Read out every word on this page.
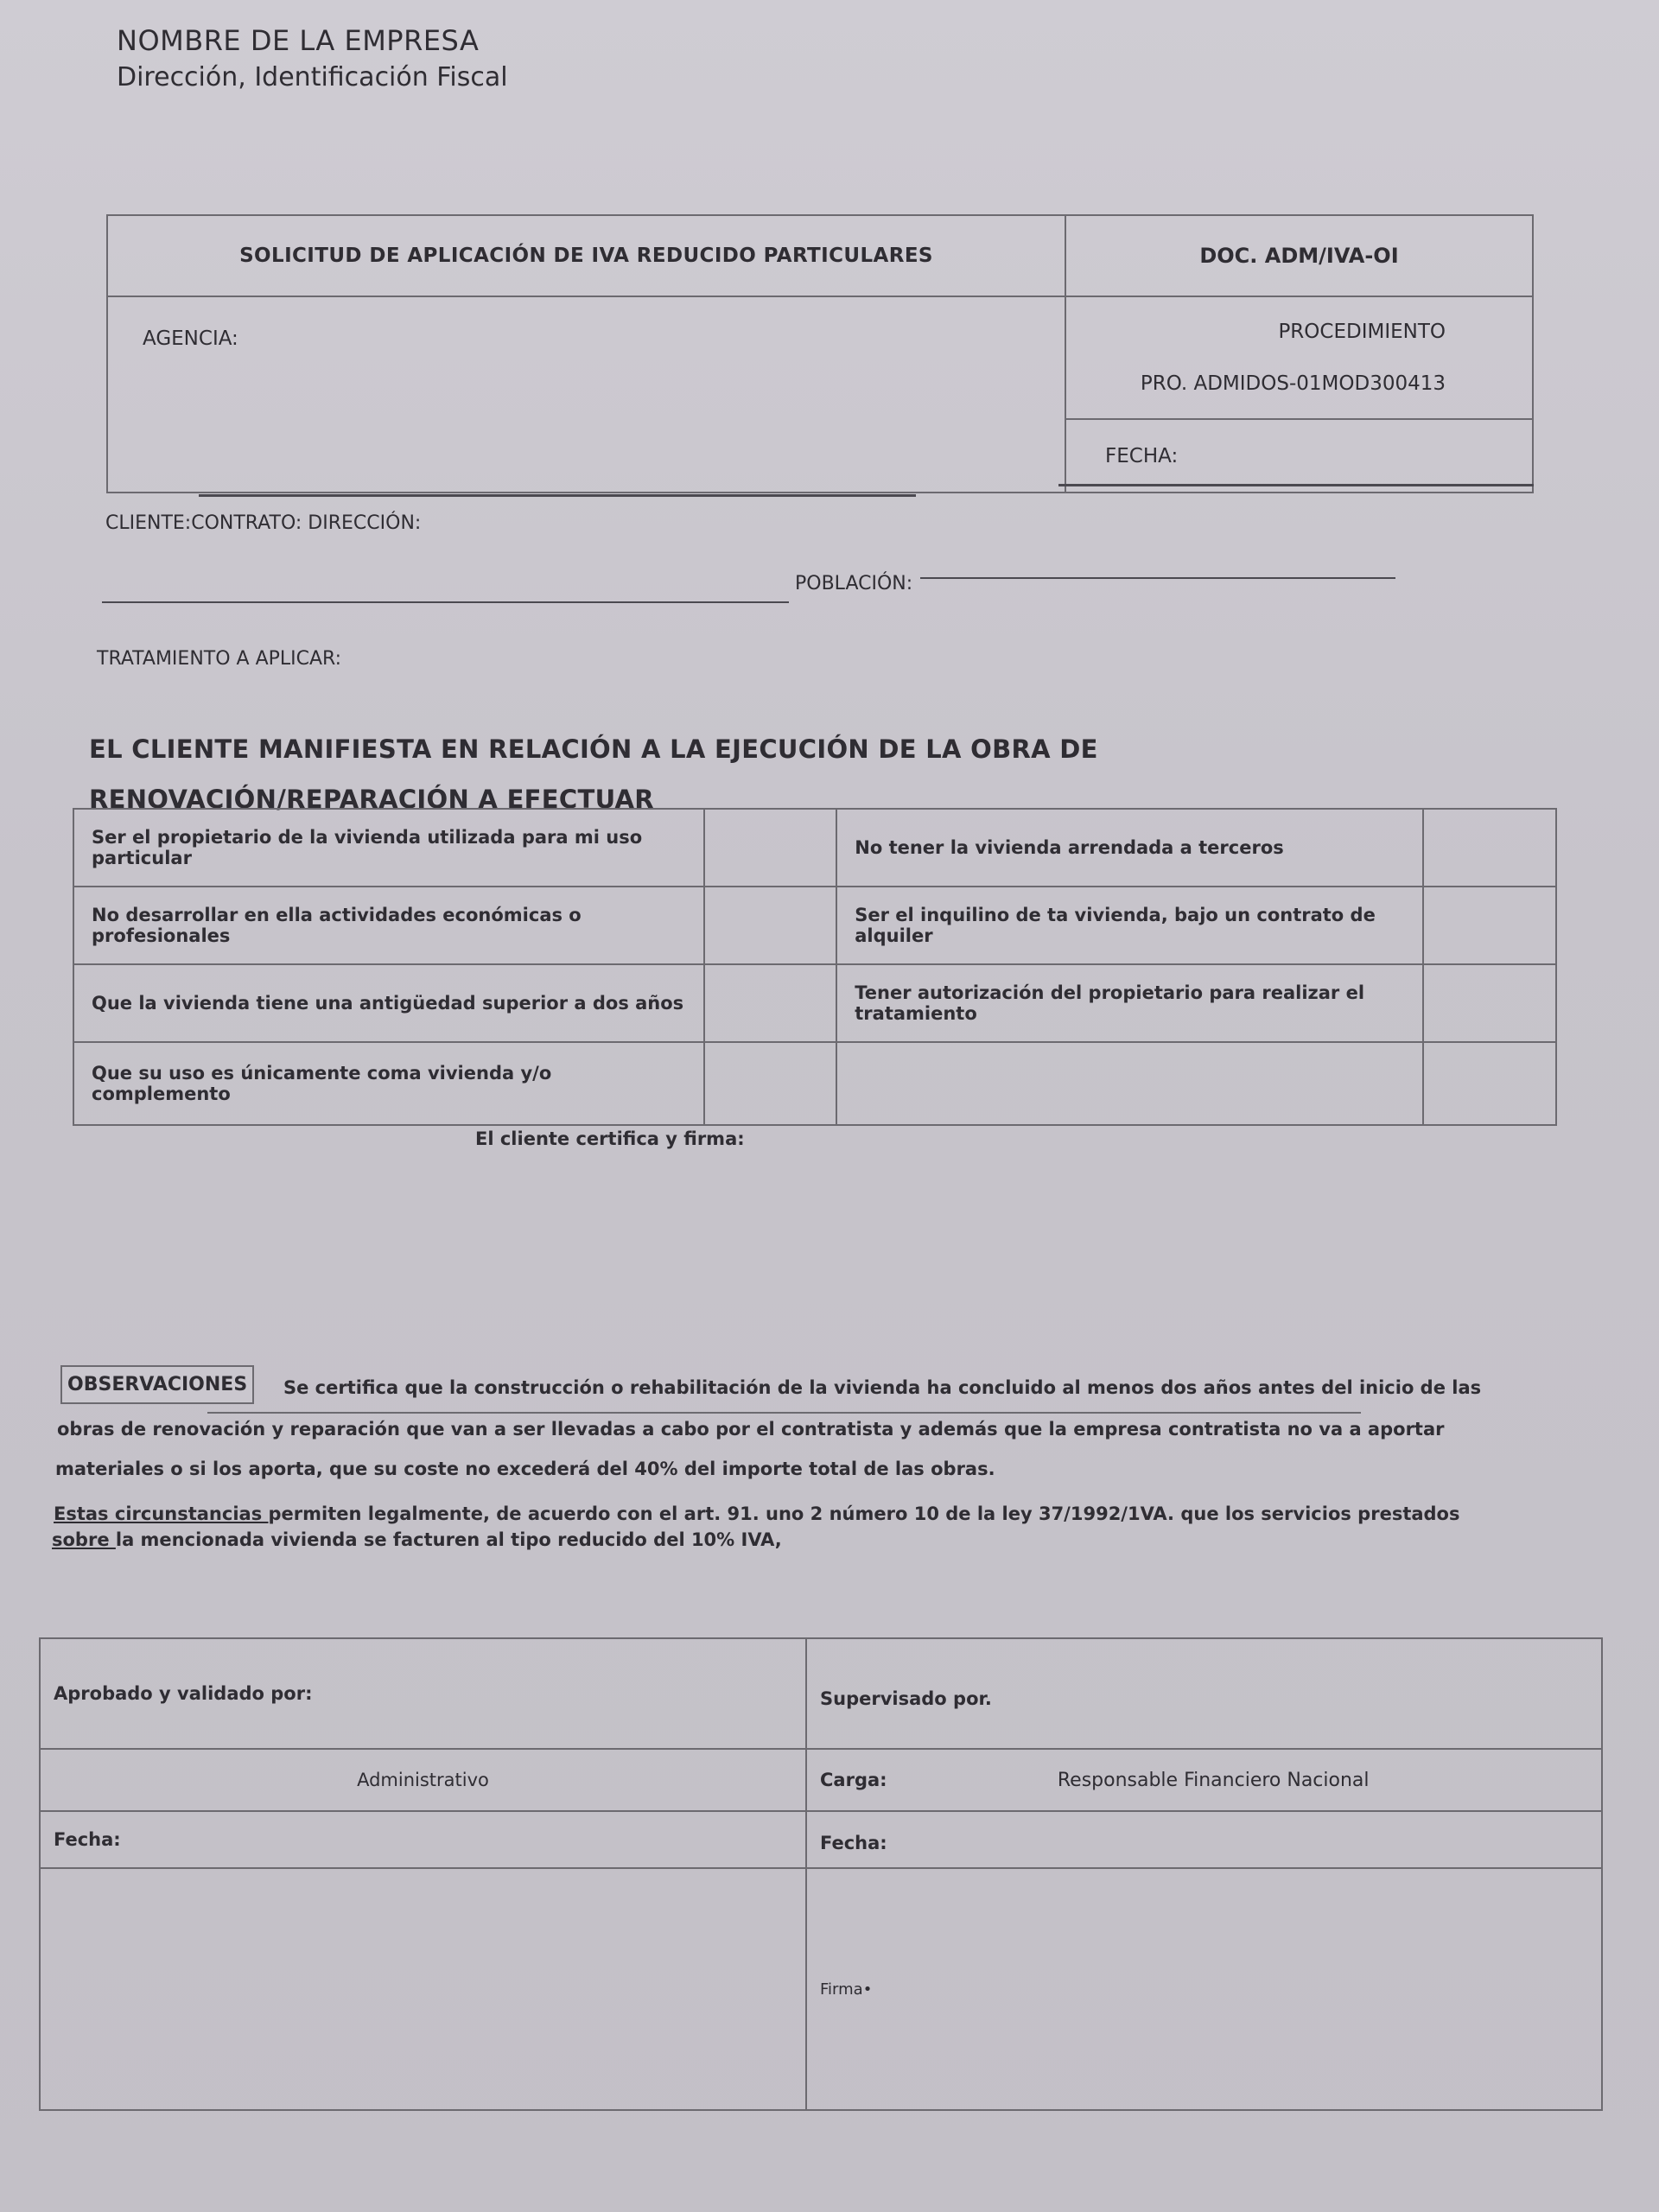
NOMBRE DE LA EMPRESA
Dirección, Identificación Fiscal
SOLICITUD DE APLICACIÓN DE IVA REDUCIDO PARTICULARES	DOC. ADM/IVA-OI
AGENCIA:	PROCEDIMIENTO
PRO. ADMIDOS-01MOD300413

	FECHA:
CLIENTE:CONTRATO: DIRECCIÓN:
POBLACIÓN:
TRATAMIENTO A APLICAR:
EL CLIENTE MANIFIESTA EN RELACIÓN A LA EJECUCIÓN DE LA OBRA DE RENOVACIÓN/REPARACIÓN A EFECTUAR
Ser el propietario de la vivienda utilizada para mi uso particular		No tener la vivienda arrendada a terceros	
No desarrollar en ella actividades económicas o profesionales		Ser el inquilino de ta vivienda, bajo un contrato de alquiler	
Que la vivienda tiene una antigüedad superior a dos años		Tener autorización del propietario para realizar el tratamiento	
Que su uso es únicamente coma vivienda y/o complemento			
El cliente certifica y firma:
OBSERVACIONES	Se certifica que la construcción o rehabilitación de la vivienda ha concluido al menos dos años antes del inicio de las
obras de renovación y reparación que van a ser llevadas a cabo por el contratista y además que la empresa contratista no va a aportar
materiales o si los aporta, que su coste no excederá del 40% del importe total de las obras.
Estas circunstancias permiten legalmente, de acuerdo con el art. 91. uno 2 número 10 de la ley 37/1992/1VA. que los servicios prestados
sobre la mencionada vivienda se facturen al tipo reducido del 10% IVA,
Aprobado y validado por:	Supervisado por.
Administrativo	Carga: Responsable Financiero Nacional
Fecha:	Fecha:
	Firma•
